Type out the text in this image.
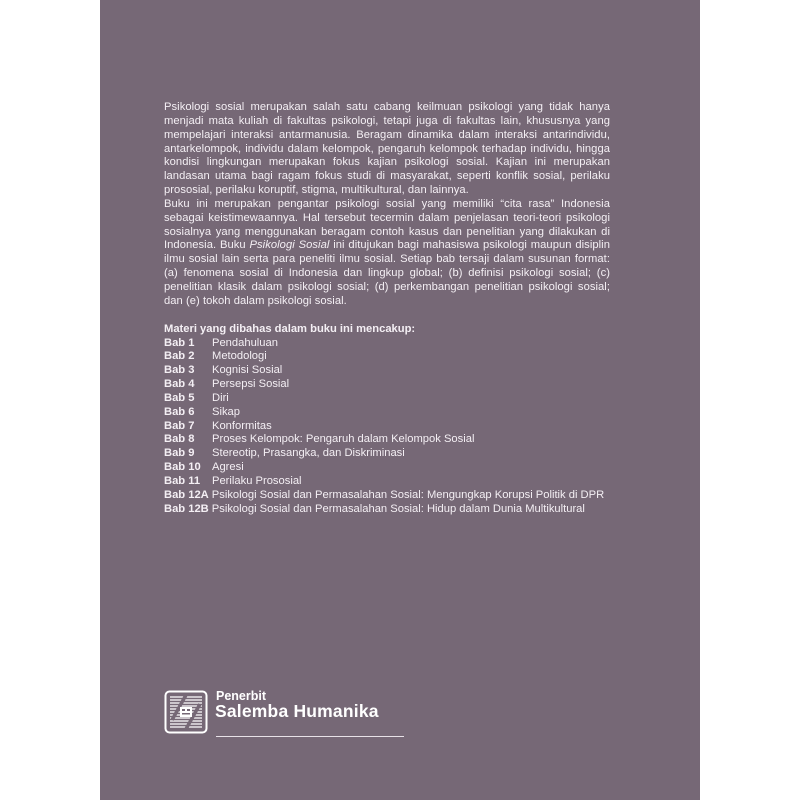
Psikologi sosial merupakan salah satu cabang keilmuan psikologi yang tidak hanya menjadi mata kuliah di fakultas psikologi, tetapi juga di fakultas lain, khususnya yang mempelajari interaksi antarmanusia. Beragam dinamika dalam interaksi antarindividu, antarkelompok, individu dalam kelompok, pengaruh kelompok terhadap individu, hingga kondisi lingkungan merupakan fokus kajian psikologi sosial. Kajian ini merupakan landasan utama bagi ragam fokus studi di masyarakat, seperti konflik sosial, perilaku prososial, perilaku koruptif, stigma, multikultural, dan lainnya.

Buku ini merupakan pengantar psikologi sosial yang memiliki “cita rasa” Indonesia sebagai keistimewaannya. Hal tersebut tecermin dalam penjelasan teori-teori psikologi sosialnya yang menggunakan beragam contoh kasus dan penelitian yang dilakukan di Indonesia. Buku Psikologi Sosial ini ditujukan bagi mahasiswa psikologi maupun disiplin ilmu sosial lain serta para peneliti ilmu sosial. Setiap bab tersaji dalam susunan format: (a) fenomena sosial di Indonesia dan lingkup global; (b) definisi psikologi sosial; (c) penelitian klasik dalam psikologi sosial; (d) perkembangan penelitian psikologi sosial; dan (e) tokoh dalam psikologi sosial.

Materi yang dibahas dalam buku ini mencakup:

Bab 1	Pendahuluan
Bab 2	Metodologi
Bab 3	Kognisi Sosial
Bab 4	Persepsi Sosial
Bab 5	Diri
Bab 6	Sikap
Bab 7	Konformitas
Bab 8	Proses Kelompok: Pengaruh dalam Kelompok Sosial
Bab 9	Stereotip, Prasangka, dan Diskriminasi
Bab 10	Agresi
Bab 11	Perilaku Prososial
Bab 12A Psikologi Sosial dan Permasalahan Sosial: Mengungkap Korupsi Politik di DPR
Bab 12B Psikologi Sosial dan Permasalahan Sosial: Hidup dalam Dunia Multikultural
Penerbit
Salemba Humanika
